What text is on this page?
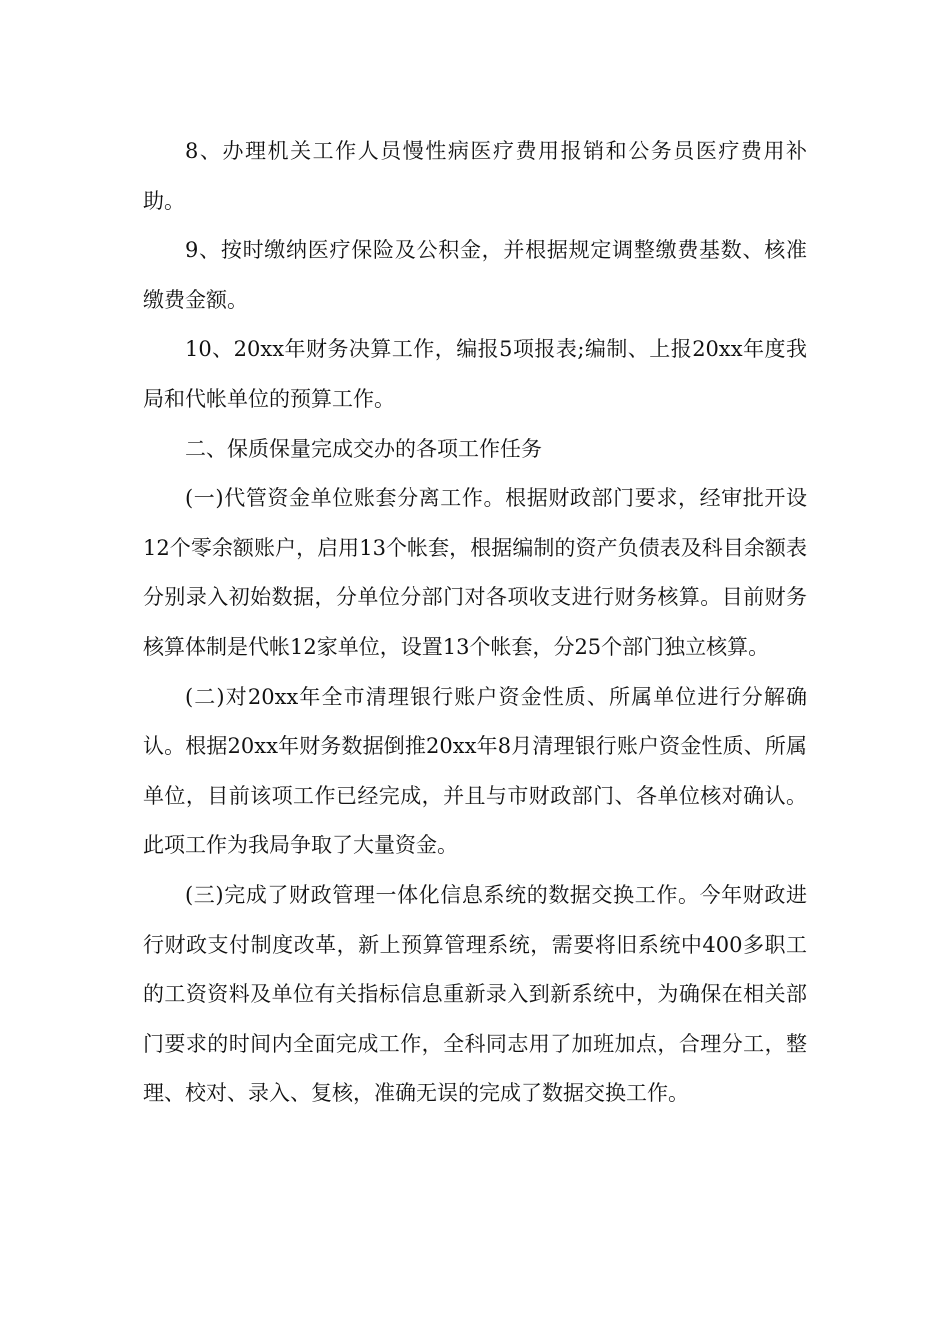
8、办理机关工作人员慢性病医疗费用报销和公务员医疗费用补助。

9、按时缴纳医疗保险及公积金，并根据规定调整缴费基数、核准缴费金额。

10、20xx年财务决算工作，编报5项报表;编制、上报20xx年度我局和代帐单位的预算工作。

二、保质保量完成交办的各项工作任务

(一)代管资金单位账套分离工作。根据财政部门要求，经审批开设12个零余额账户，启用13个帐套，根据编制的资产负债表及科目余额表分别录入初始数据，分单位分部门对各项收支进行财务核算。目前财务核算体制是代帐12家单位，设置13个帐套，分25个部门独立核算。

(二)对20xx年全市清理银行账户资金性质、所属单位进行分解确认。根据20xx年财务数据倒推20xx年8月清理银行账户资金性质、所属单位，目前该项工作已经完成，并且与市财政部门、各单位核对确认。此项工作为我局争取了大量资金。

(三)完成了财政管理一体化信息系统的数据交换工作。今年财政进行财政支付制度改革，新上预算管理系统，需要将旧系统中400多职工的工资资料及单位有关指标信息重新录入到新系统中，为确保在相关部门要求的时间内全面完成工作，全科同志用了加班加点，合理分工，整理、校对、录入、复核，准确无误的完成了数据交换工作。
